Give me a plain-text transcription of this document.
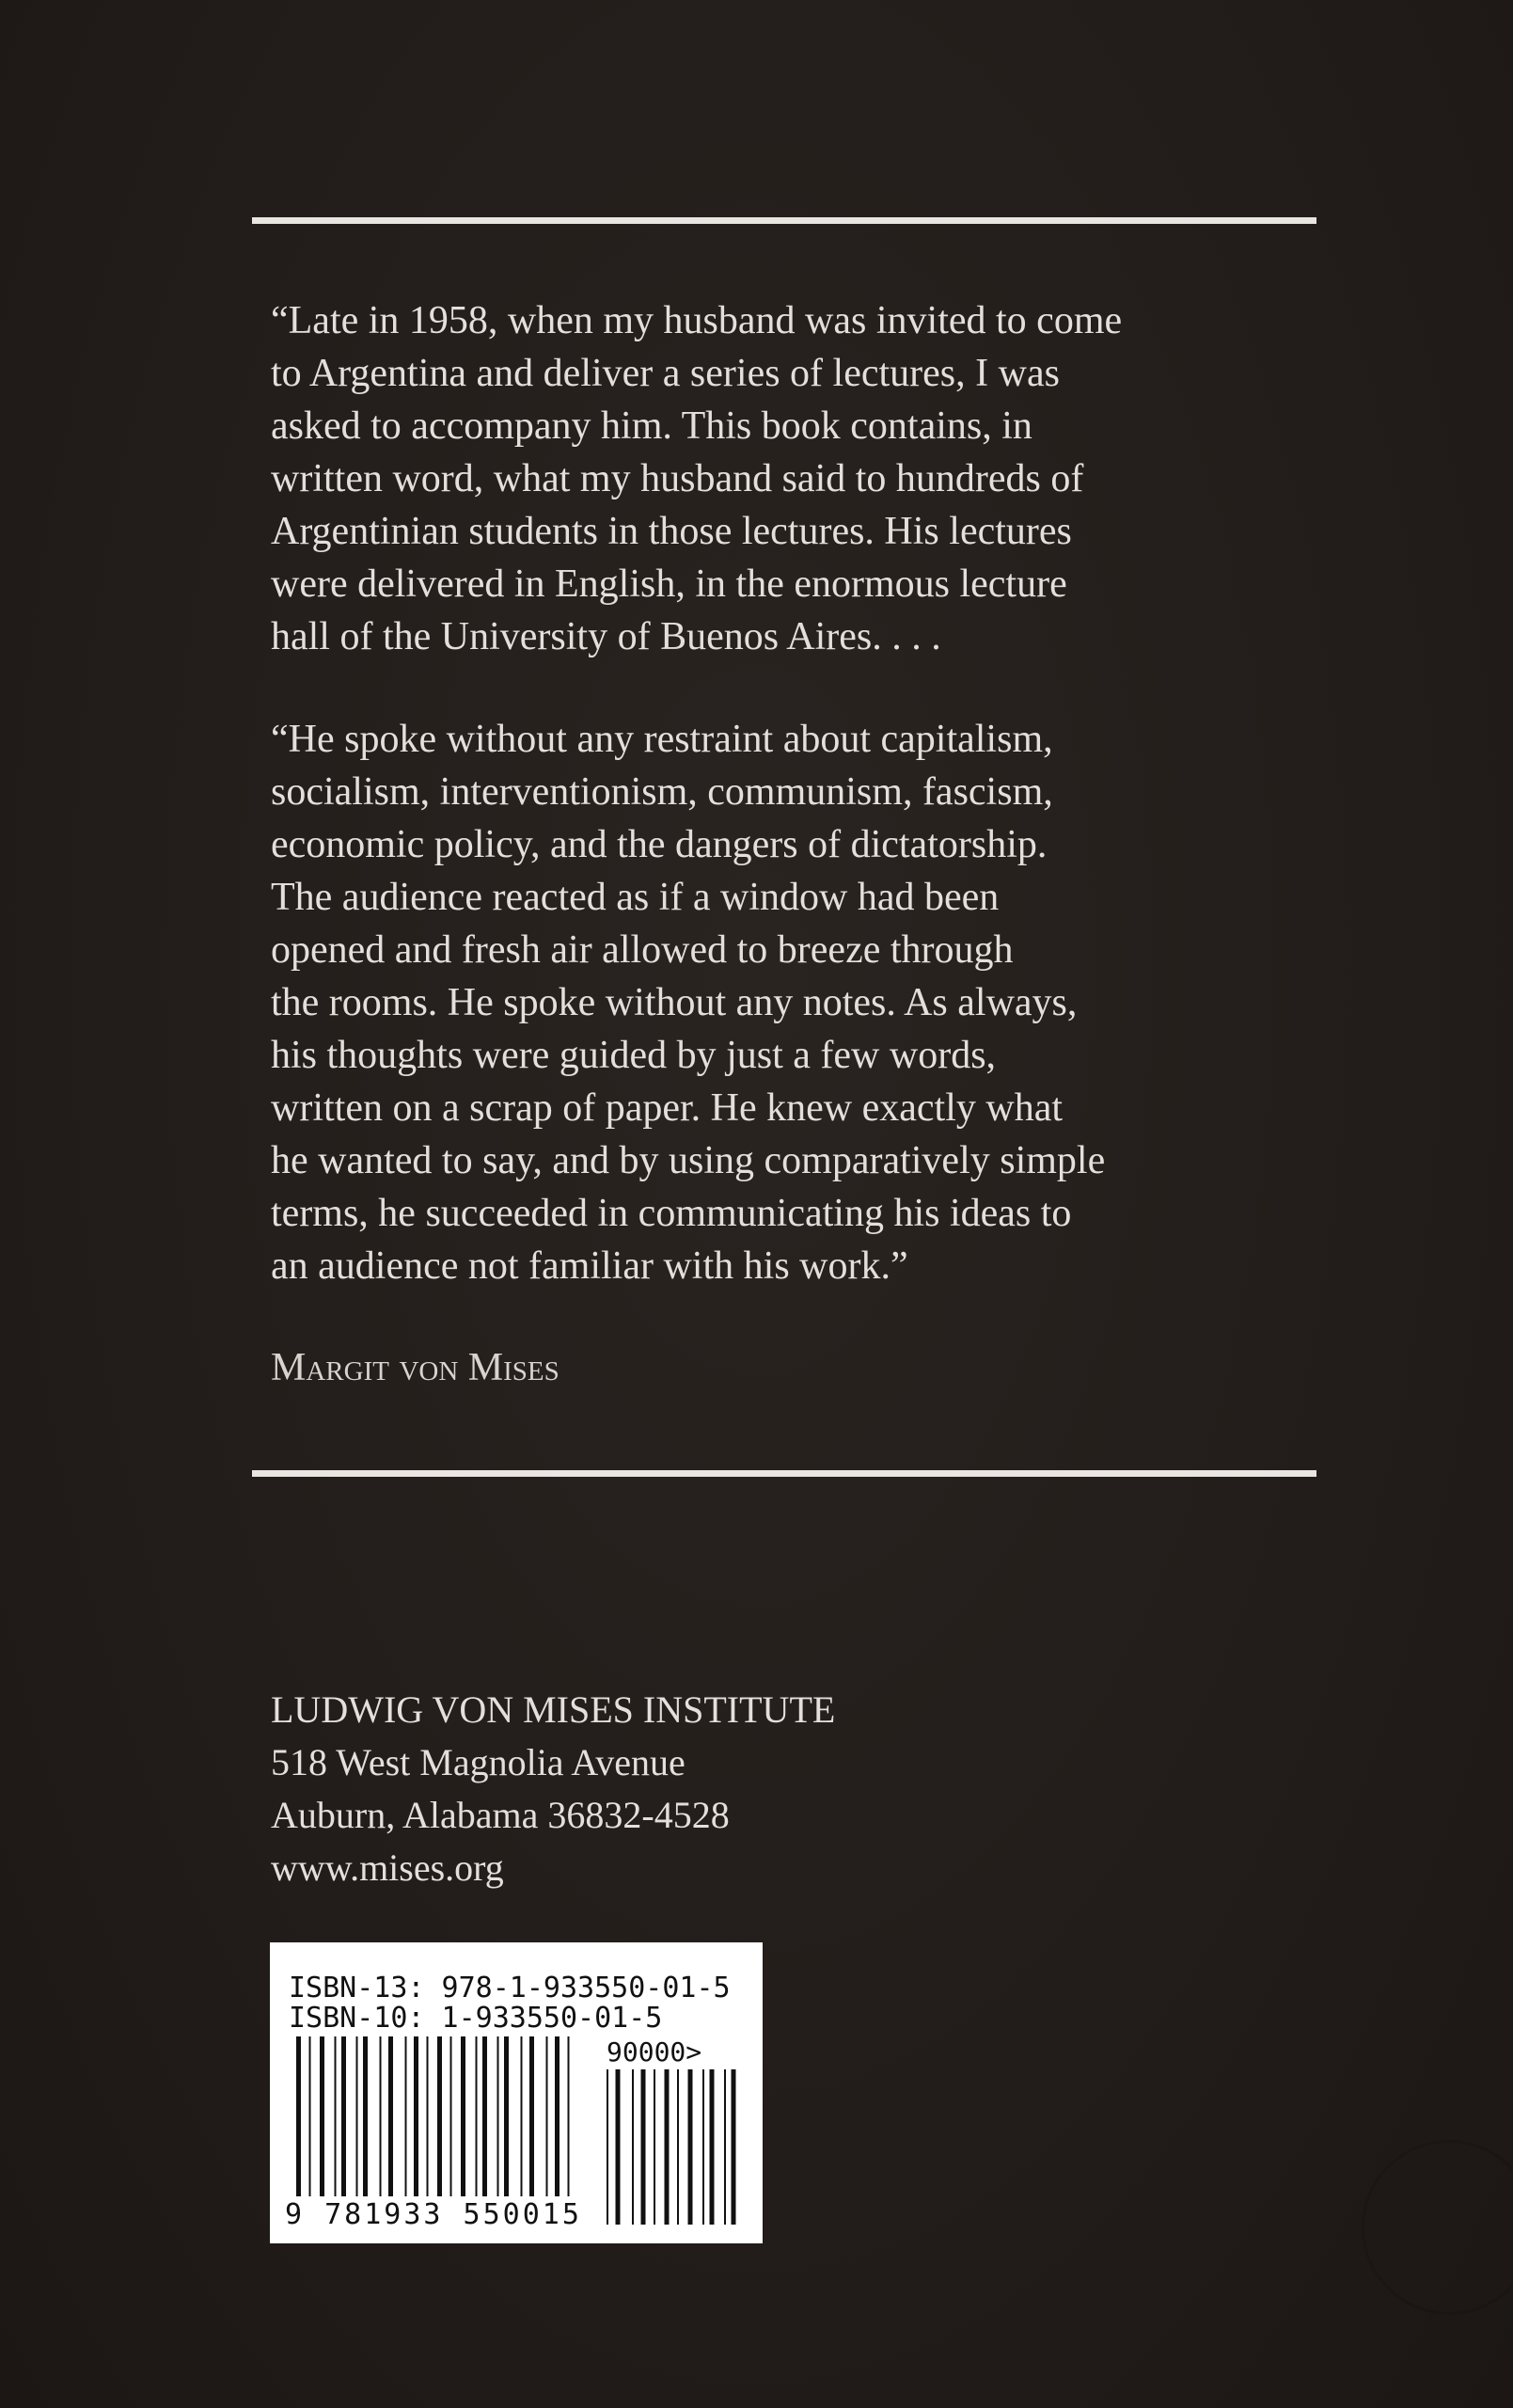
“Late in 1958, when my husband was invited to come
to Argentina and deliver a series of lectures, I was
asked to accompany him. This book contains, in
written word, what my husband said to hundreds of
Argentinian students in those lectures. His lectures
were delivered in English, in the enormous lecture
hall of the University of Buenos Aires. . . .

“He spoke without any restraint about capitalism,
socialism, interventionism, communism, fascism,
economic policy, and the dangers of dictatorship.
The audience reacted as if a window had been
opened and fresh air allowed to breeze through
the rooms. He spoke without any notes. As always,
his thoughts were guided by just a few words,
written on a scrap of paper. He knew exactly what
he wanted to say, and by using comparatively simple
terms, he succeeded in communicating his ideas to
an audience not familiar with his work.”

Margit von Mises
LUDWIG VON MISES INSTITUTE
518 West Magnolia Avenue
Auburn, Alabama 36832-4528
www.mises.org
ISBN-13: 978-1-933550-01-5
ISBN-10: 1-933550-01-5
90000>
9 781933 550015
